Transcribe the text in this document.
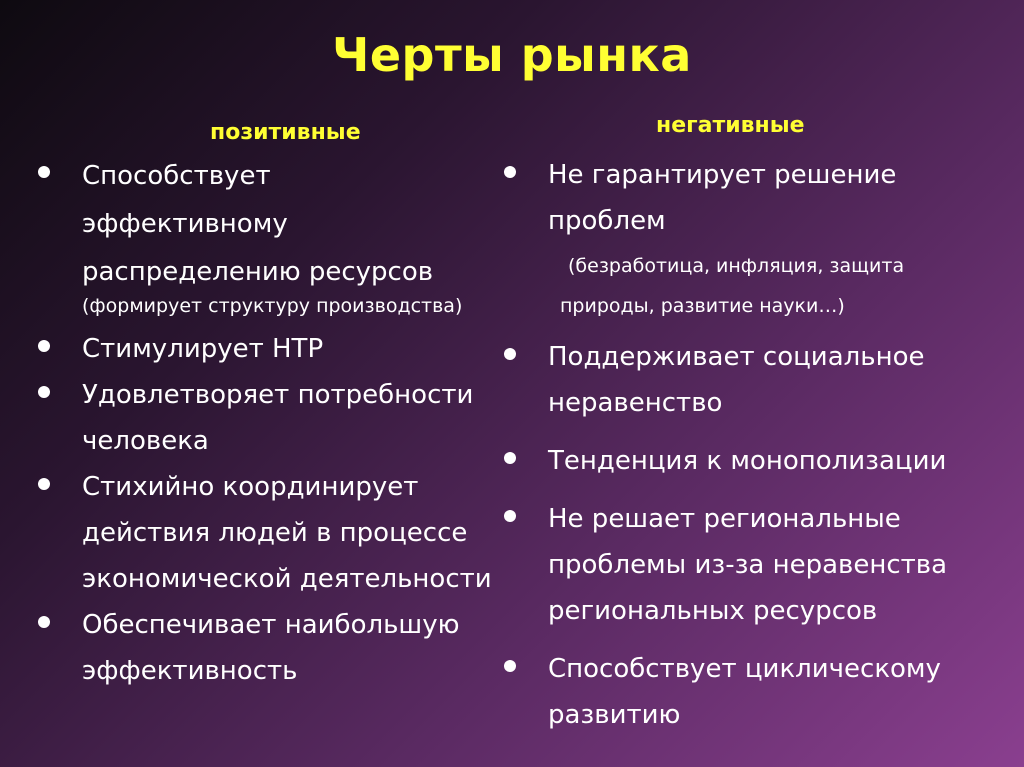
Черты рынка
позитивные	негативные
Способствует эффективному распределению ресурсов
(формирует структуру производства)
Стимулирует НТР
Удовлетворяет потребности человека
Стихийно координирует действия людей в процессе экономической деятельности
Обеспечивает наибольшую эффективность
Не гарантирует решение проблем
(безработица, инфляция, защита
природы, развитие науки…)
Поддерживает социальное неравенство
Тенденция к монополизации
Не решает региональные проблемы из-за неравенства региональных ресурсов
Способствует циклическому развитию
